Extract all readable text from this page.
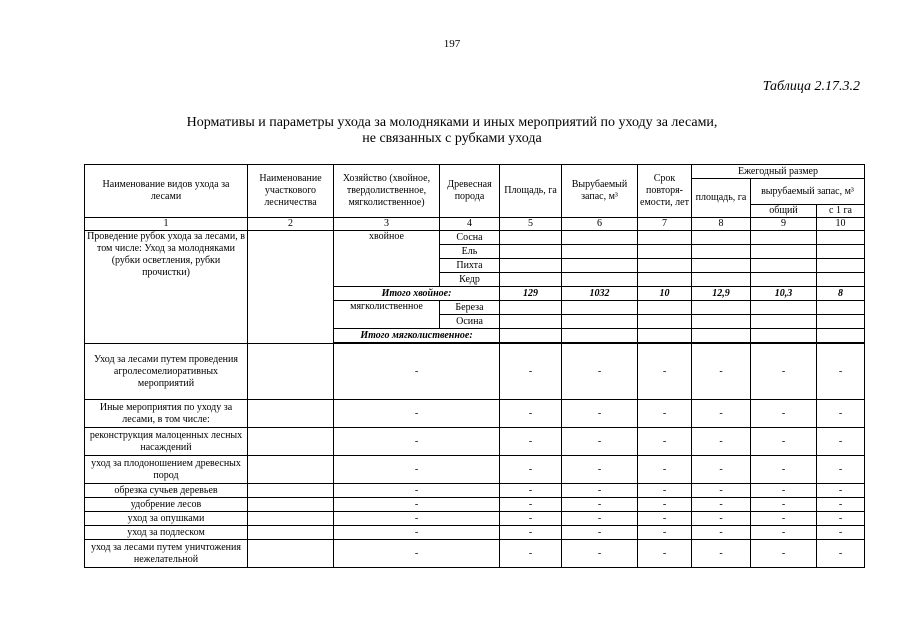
197
Таблица 2.17.3.2
Нормативы и параметры ухода за молодняками и иных мероприятий по уходу за лесами,
не связанных с рубками ухода
Наименование видов ухода за лесами	Наименование участкового лесничества	Хозяйство (хвойное, твердолиственное, мягколиственное)	Древесная порода	Площадь, га	Вырубаемый запас, м³	Срок повторя-емости, лет	Ежегодный размер		
							площадь, га	вырубаемый запас, м³	
								общий	с 1 га
1	2	3	4	5	6	7	8	9	10
Проведение рубок ухода за лесами, в том числе: Уход за молодняками (рубки осветления, рубки прочистки)		хвойное	Сосна						
			Ель						
			Пихта						
			Кедр						
		Итого хвойное:		129	1032	10	12,9	10,3	8
		мягколиственное	Береза						
			Осина						
		Итого мягколиственное:							

Уход за лесами путем проведения агролесомелиоративных мероприятий		-		-	-	-	-	-	-
Иные мероприятия по уходу за лесами, в том числе:		-		-	-	-	-	-	-
реконструкция малоценных лесных насаждений		-		-	-	-	-	-	-
уход за плодоношением древесных пород		-		-	-	-	-	-	-
обрезка сучьев деревьев		-		-	-	-	-	-	-
удобрение лесов		-		-	-	-	-	-	-
уход за опушками		-		-	-	-	-	-	-
уход за подлеском		-		-	-	-	-	-	-
уход за лесами путем уничтожения нежелательной		-		-	-	-	-	-	-
